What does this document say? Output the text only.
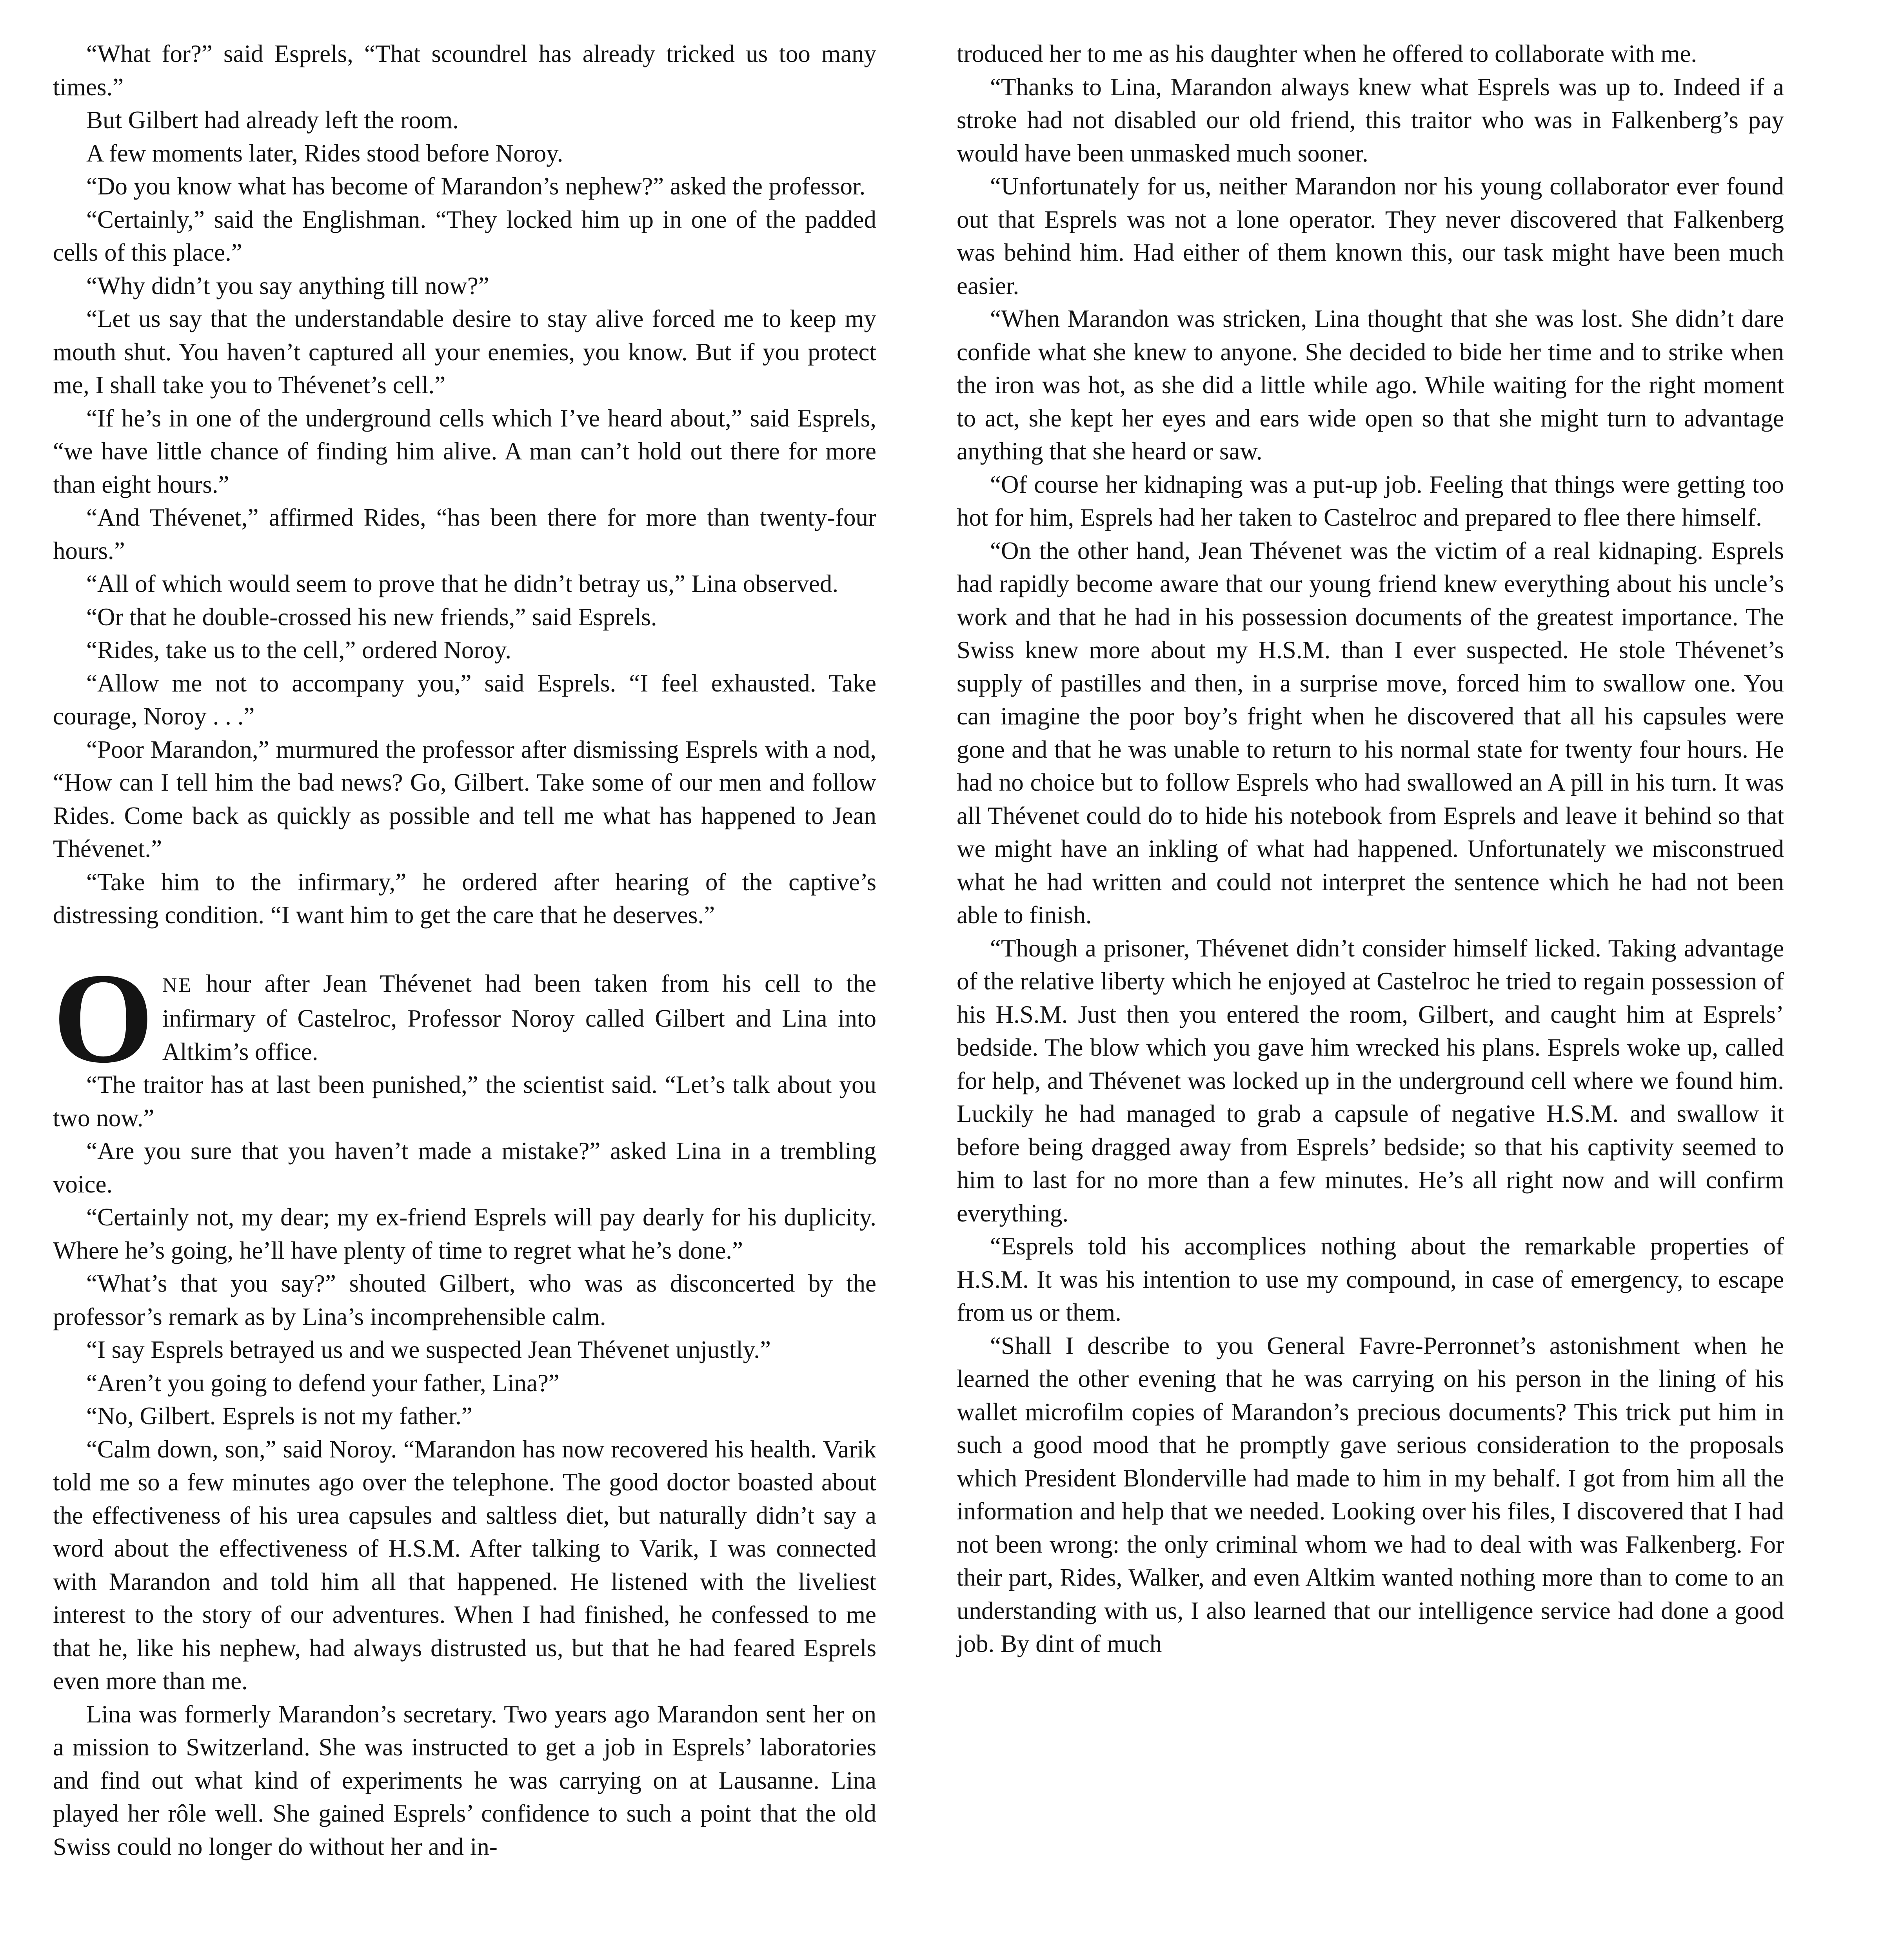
“What for?” said Esprels, “That scoundrel has already tricked us too many times.”

But Gilbert had already left the room.

A few moments later, Rides stood before Noroy.

“Do you know what has become of Marandon’s nephew?” asked the professor.

“Certainly,” said the Englishman. “They locked him up in one of the padded cells of this place.”

“Why didn’t you say anything till now?”

“Let us say that the understandable desire to stay alive forced me to keep my mouth shut. You haven’t captured all your enemies, you know. But if you protect me, I shall take you to Thévenet’s cell.”

“If he’s in one of the underground cells which I’ve heard about,” said Esprels, “we have little chance of finding him alive. A man can’t hold out there for more than eight hours.”

“And Thévenet,” affirmed Rides, “has been there for more than twenty-four hours.”

“All of which would seem to prove that he didn’t betray us,” Lina observed.

“Or that he double-crossed his new friends,” said Esprels.

“Rides, take us to the cell,” ordered Noroy.

“Allow me not to accompany you,” said Esprels. “I feel exhausted. Take courage, Noroy . . .”

“Poor Marandon,” murmured the professor after dismissing Esprels with a nod, “How can I tell him the bad news? Go, Gilbert. Take some of our men and follow Rides. Come back as quickly as possible and tell me what has happened to Jean Thévenet.”

“Take him to the infirmary,” he ordered after hearing of the captive’s distressing condition. “I want him to get the care that he deserves.”

ONE hour after Jean Thévenet had been taken from his cell to the infirmary of Castelroc, Professor Noroy called Gilbert and Lina into Altkim’s office.

“The traitor has at last been punished,” the scientist said. “Let’s talk about you two now.”

“Are you sure that you haven’t made a mistake?” asked Lina in a trembling voice.

“Certainly not, my dear; my ex-friend Esprels will pay dearly for his duplicity. Where he’s going, he’ll have plenty of time to regret what he’s done.”

“What’s that you say?” shouted Gilbert, who was as disconcerted by the professor’s remark as by Lina’s incomprehensible calm.

“I say Esprels betrayed us and we suspected Jean Thévenet unjustly.”

“Aren’t you going to defend your father, Lina?”

“No, Gilbert. Esprels is not my father.”

“Calm down, son,” said Noroy. “Marandon has now recovered his health. Varik told me so a few minutes ago over the telephone. The good doctor boasted about the effectiveness of his urea capsules and saltless diet, but naturally didn’t say a word about the effectiveness of H.S.M. After talking to Varik, I was connected with Marandon and told him all that happened. He listened with the liveliest interest to the story of our adventures. When I had finished, he confessed to me that he, like his nephew, had always distrusted us, but that he had feared Esprels even more than me.

Lina was formerly Marandon’s secretary. Two years ago Marandon sent her on a mission to Switzerland. She was instructed to get a job in Esprels’ laboratories and find out what kind of experiments he was carrying on at Lausanne. Lina played her rôle well. She gained Esprels’ confidence to such a point that the old Swiss could no longer do without her and in-

troduced her to me as his daughter when he offered to collaborate with me.

“Thanks to Lina, Marandon always knew what Esprels was up to. Indeed if a stroke had not disabled our old friend, this traitor who was in Falkenberg’s pay would have been unmasked much sooner.

“Unfortunately for us, neither Marandon nor his young collaborator ever found out that Esprels was not a lone operator. They never discovered that Falkenberg was behind him. Had either of them known this, our task might have been much easier.

“When Marandon was stricken, Lina thought that she was lost. She didn’t dare confide what she knew to anyone. She decided to bide her time and to strike when the iron was hot, as she did a little while ago. While waiting for the right moment to act, she kept her eyes and ears wide open so that she might turn to advantage anything that she heard or saw.

“Of course her kidnaping was a put-up job. Feeling that things were getting too hot for him, Esprels had her taken to Castelroc and prepared to flee there himself.

“On the other hand, Jean Thévenet was the victim of a real kidnaping. Esprels had rapidly become aware that our young friend knew everything about his uncle’s work and that he had in his possession documents of the greatest importance. The Swiss knew more about my H.S.M. than I ever suspected. He stole Thévenet’s supply of pastilles and then, in a surprise move, forced him to swallow one. You can imagine the poor boy’s fright when he discovered that all his capsules were gone and that he was unable to return to his normal state for twenty four hours. He had no choice but to follow Esprels who had swallowed an A pill in his turn. It was all Thévenet could do to hide his notebook from Esprels and leave it behind so that we might have an inkling of what had happened. Unfortunately we misconstrued what he had written and could not interpret the sentence which he had not been able to finish.

“Though a prisoner, Thévenet didn’t consider himself licked. Taking advantage of the relative liberty which he enjoyed at Castelroc he tried to regain possession of his H.S.M. Just then you entered the room, Gilbert, and caught him at Esprels’ bedside. The blow which you gave him wrecked his plans. Esprels woke up, called for help, and Thévenet was locked up in the underground cell where we found him. Luckily he had managed to grab a capsule of negative H.S.M. and swallow it before being dragged away from Esprels’ bedside; so that his captivity seemed to him to last for no more than a few minutes. He’s all right now and will confirm everything.

“Esprels told his accomplices nothing about the remarkable properties of H.S.M. It was his intention to use my compound, in case of emergency, to escape from us or them.

“Shall I describe to you General Favre-Perronnet’s astonishment when he learned the other evening that he was carrying on his person in the lining of his wallet microfilm copies of Marandon’s precious documents? This trick put him in such a good mood that he promptly gave serious consideration to the proposals which President Blonderville had made to him in my behalf. I got from him all the information and help that we needed. Looking over his files, I discovered that I had not been wrong: the only criminal whom we had to deal with was Falkenberg. For their part, Rides, Walker, and even Altkim wanted nothing more than to come to an understanding with us, I also learned that our intelligence service had done a good job. By dint of much
